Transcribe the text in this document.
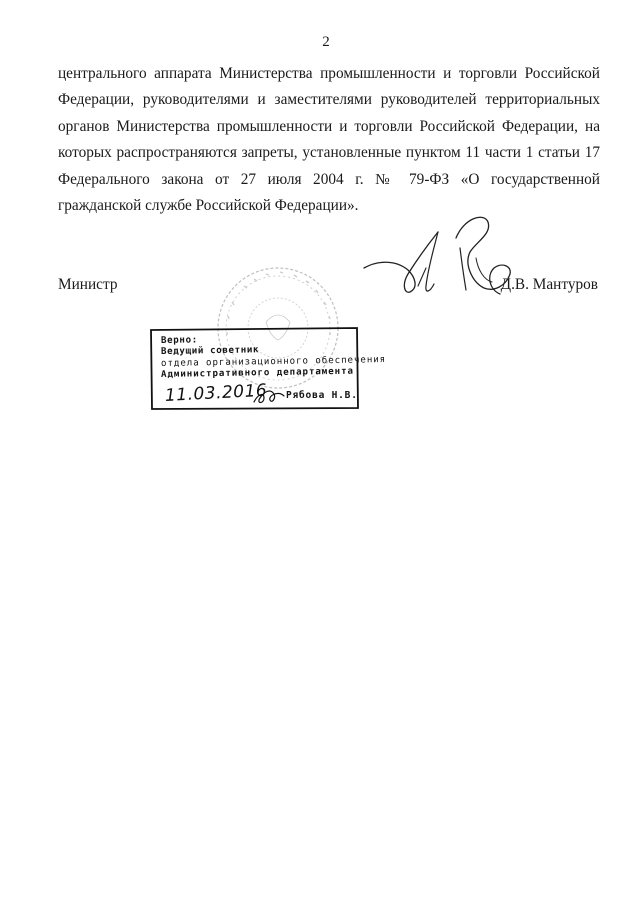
2

центрального аппарата Министерства промышленности и торговли Российской Федерации, руководителями и заместителями руководителей территориальных органов Министерства промышленности и торговли Российской Федерации, на которых распространяются запреты, установленные пунктом 11 части 1 статьи 17 Федерального закона от 27 июля 2004 г. № 79-ФЗ «О государственной гражданской службе Российской Федерации».

Министр	Д.В. Мантуров
Верно:
Ведущий советник
отдела организационного обеспечения
Административного департамента
11.03.2016 Рябова Н.В.
